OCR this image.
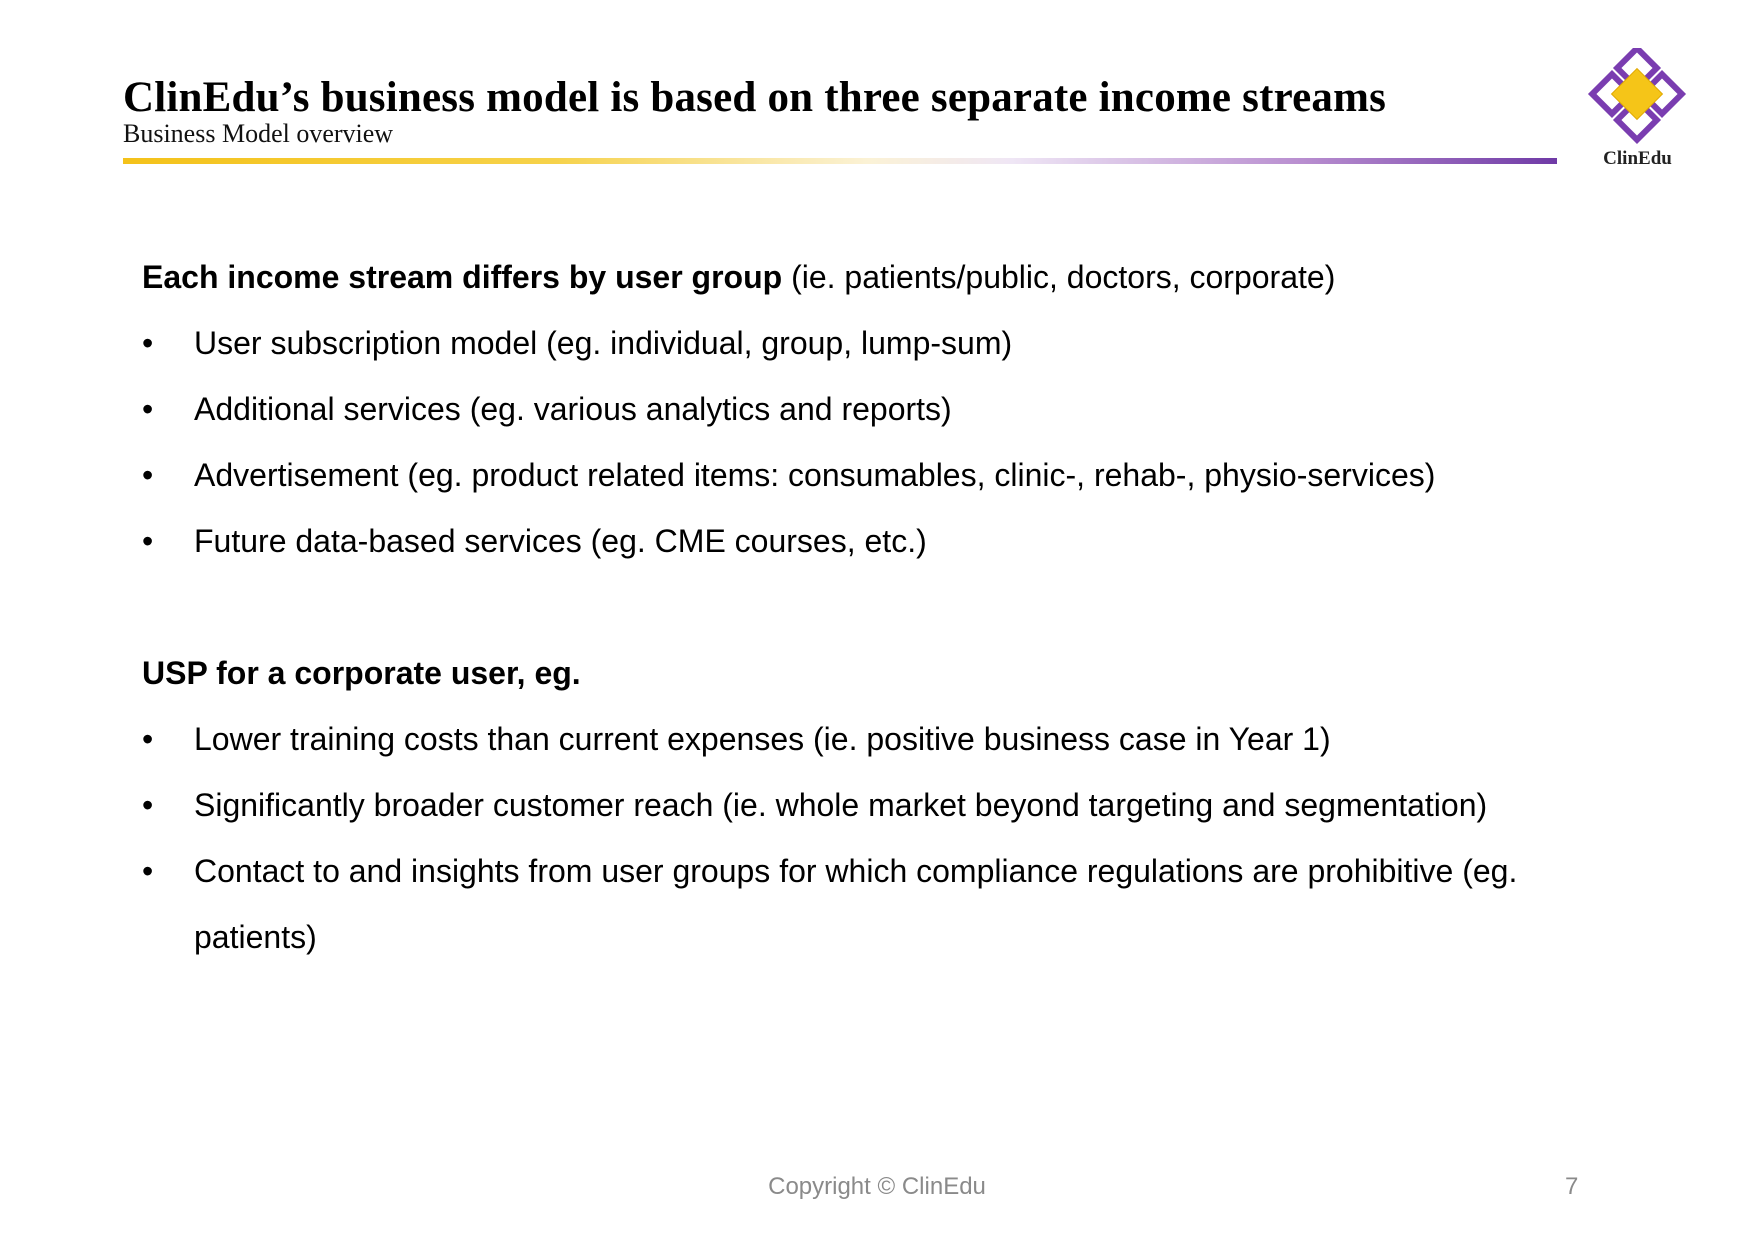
ClinEdu’s business model is based on three separate income streams
Business Model overview
ClinEdu

Each income stream differs by user group (ie. patients/public, doctors, corporate)

• User subscription model (eg. individual, group, lump-sum)
• Additional services (eg. various analytics and reports)
• Advertisement (eg. product related items: consumables, clinic-, rehab-, physio-services)
• Future data-based services (eg. CME courses, etc.)

USP for a corporate user, eg.

• Lower training costs than current expenses (ie. positive business case in Year 1)
• Significantly broader customer reach (ie. whole market beyond targeting and segmentation)
• Contact to and insights from user groups for which compliance regulations are prohibitive (eg. patients)
Copyright © ClinEdu	7
